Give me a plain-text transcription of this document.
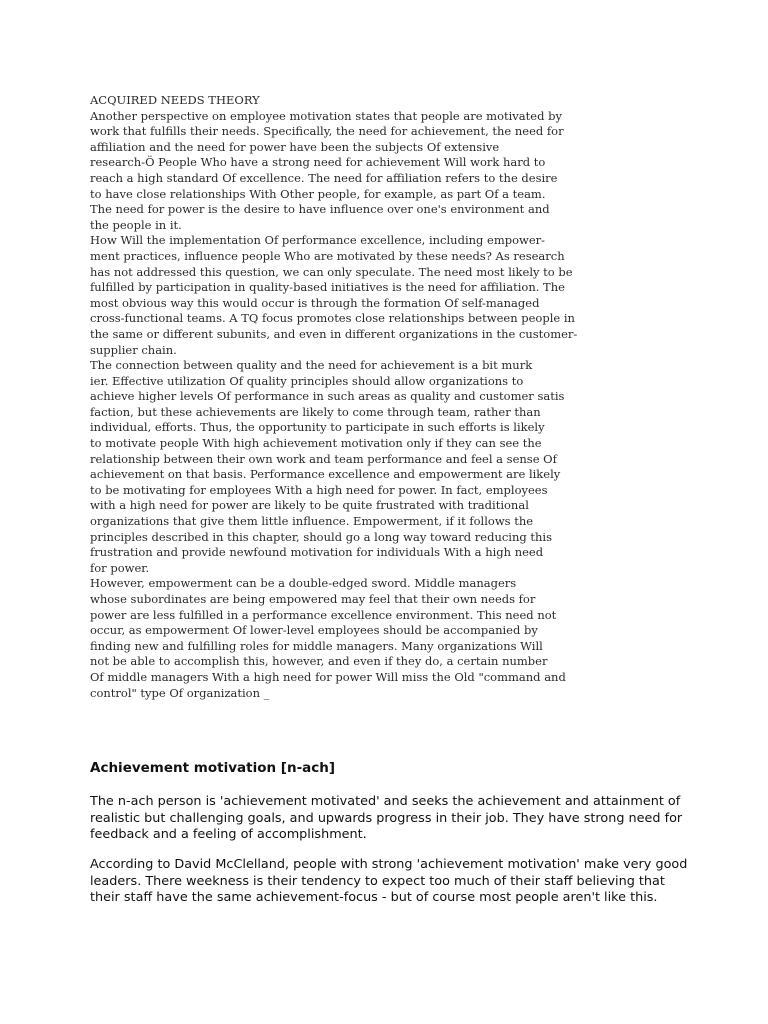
ACQUIRED NEEDS THEORY
Another perspective on employee motivation states that people are motivated by
work that fulfills their needs. Specifically, the need for achievement, the need for
affiliation and the need for power have been the subjects Of extensive
research-Ö People Who have a strong need for achievement Will work hard to
reach a high standard Of excellence. The need for affiliation refers to the desire
to have close relationships With Other people, for example, as part Of a team.
The need for power is the desire to have influence over one's environment and
the people in it.
How Will the implementation Of performance excellence, including empower-
ment practices, influence people Who are motivated by these needs? As research
has not addressed this question, we can only speculate. The need most likely to be
fulfilled by participation in quality-based initiatives is the need for affiliation. The
most obvious way this would occur is through the formation Of self-managed
cross-functional teams. A TQ focus promotes close relationships between people in
the same or different subunits, and even in different organizations in the customer-
supplier chain.
The connection between quality and the need for achievement is a bit murk
ier. Effective utilization Of quality principles should allow organizations to
achieve higher levels Of performance in such areas as quality and customer satis
faction, but these achievements are likely to come through team, rather than
individual, efforts. Thus, the opportunity to participate in such efforts is likely
to motivate people With high achievement motivation only if they can see the
relationship between their own work and team performance and feel a sense Of
achievement on that basis. Performance excellence and empowerment are likely
to be motivating for employees With a high need for power. In fact, employees
with a high need for power are likely to be quite frustrated with traditional
organizations that give them little influence. Empowerment, if it follows the
principles described in this chapter, should go a long way toward reducing this
frustration and provide newfound motivation for individuals With a high need
for power.
However, empowerment can be a double-edged sword. Middle managers
whose subordinates are being empowered may feel that their own needs for
power are less fulfilled in a performance excellence environment. This need not
occur, as empowerment Of lower-level employees should be accompanied by
finding new and fulfilling roles for middle managers. Many organizations Will
not be able to accomplish this, however, and even if they do, a certain number
Of middle managers With a high need for power Will miss the Old "command and
control" type Of organization _
Achievement motivation [n-ach]
The n-ach person is 'achievement motivated' and seeks the achievement and attainment of
realistic but challenging goals, and upwards progress in their job. They have strong need for
feedback and a feeling of accomplishment.
According to David McClelland, people with strong 'achievement motivation' make very good
leaders. There weekness is their tendency to expect too much of their staff believing that
their staff have the same achievement-focus - but of course most people aren't like this.
